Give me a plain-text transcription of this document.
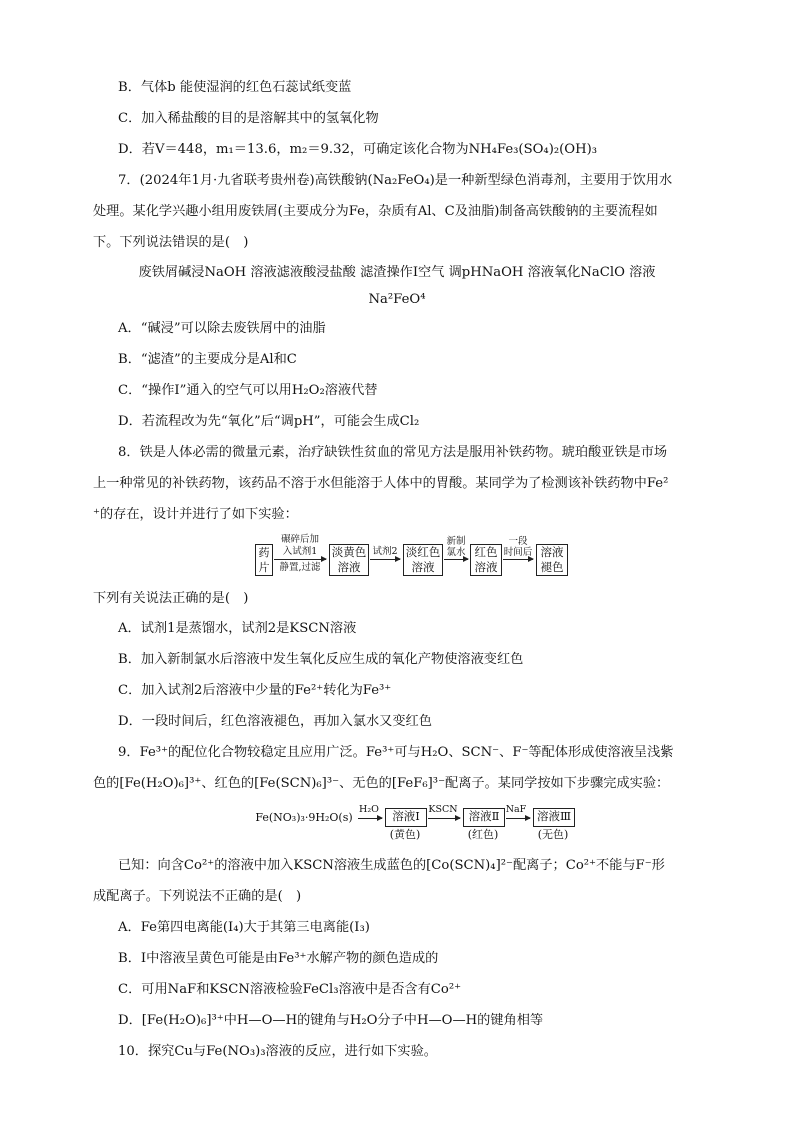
B．气体b 能使湿润的红色石蕊试纸变蓝
C．加入稀盐酸的目的是溶解其中的氢氧化物
D．若V＝448，m₁＝13.6，m₂＝9.32，可确定该化合物为NH₄Fe₃(SO₄)₂(OH)₃
7．(2024年1月·九省联考贵州卷)高铁酸钠(Na₂FeO₄)是一种新型绿色消毒剂，主要用于饮用水
处理。某化学兴趣小组用废铁屑(主要成分为Fe，杂质有Al、C及油脂)制备高铁酸钠的主要流程如
下。下列说法错误的是(　)
废铁屑碱浸NaOH 溶液滤液酸浸盐酸 滤渣操作Ⅰ空气 调pHNaOH 溶液氧化NaClO 溶液
Na²FeO⁴
A．“碱浸”可以除去废铁屑中的油脂
B．“滤渣”的主要成分是Al和C
C．“操作Ⅰ”通入的空气可以用H₂O₂溶液代替
D．若流程改为先“氧化”后“调pH”，可能会生成Cl₂
8．铁是人体必需的微量元素，治疗缺铁性贫血的常见方法是服用补铁药物。琥珀酸亚铁是市场
上一种常见的补铁药物，该药品不溶于水但能溶于人体中的胃酸。某同学为了检测该补铁药物中Fe²
⁺的存在，设计并进行了如下实验：
药片
碾碎后加
入试剂1
静置,过滤
淡黄色溶液
试剂2 淡红色溶液
新制
氯水 红色溶液
一段
时间后 溶液褪色
下列有关说法正确的是(　)
A．试剂1是蒸馏水，试剂2是KSCN溶液
B．加入新制氯水后溶液中发生氧化反应生成的氧化产物使溶液变红色
C．加入试剂2后溶液中少量的Fe²⁺转化为Fe³⁺
D．一段时间后，红色溶液褪色，再加入氯水又变红色
9．Fe³⁺的配位化合物较稳定且应用广泛。Fe³⁺可与H₂O、SCN⁻、F⁻等配体形成使溶液呈浅紫
色的[Fe(H₂O)₆]³⁺、红色的[Fe(SCN)₆]³⁻、无色的[FeF₆]³⁻配离子。某同学按如下步骤完成实验：
Fe(NO₃)₃·9H₂O(s)
H₂O	溶液Ⅰ
(黄色)
KSCN 溶液Ⅱ
(红色)
NaF 溶液Ⅲ
(无色)
已知：向含Co²⁺的溶液中加入KSCN溶液生成蓝色的[Co(SCN)₄]²⁻配离子；Co²⁺不能与F⁻形
成配离子。下列说法不正确的是(　)
A．Fe第四电离能(I₄)大于其第三电离能(I₃)
B．Ⅰ中溶液呈黄色可能是由Fe³⁺水解产物的颜色造成的
C．可用NaF和KSCN溶液检验FeCl₃溶液中是否含有Co²⁺
D．[Fe(H₂O)₆]³⁺中H—O—H的键角与H₂O分子中H—O—H的键角相等
10．探究Cu与Fe(NO₃)₃溶液的反应，进行如下实验。
